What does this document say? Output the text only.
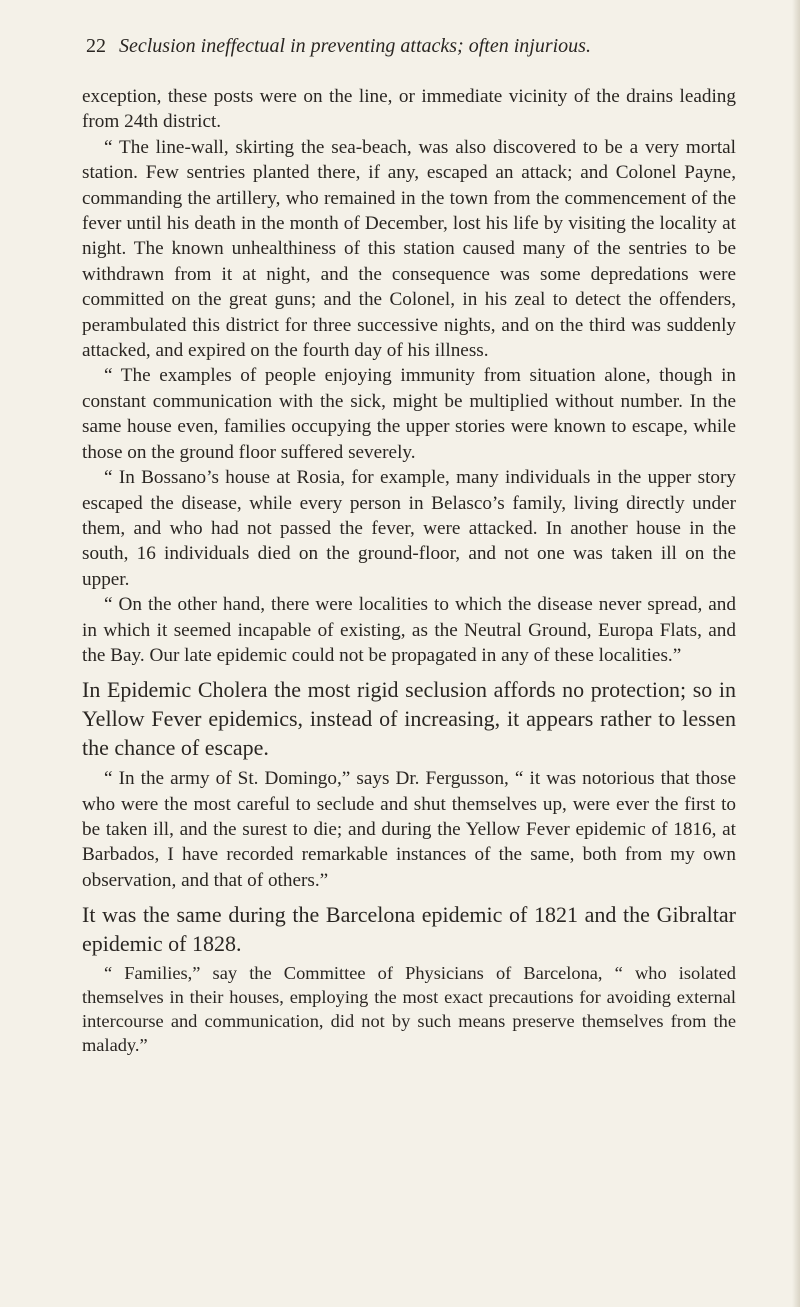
22 Seclusion ineffectual in preventing attacks; often injurious.

exception, these posts were on the line, or immediate vicinity of the drains leading from 24th district.

“ The line-wall, skirting the sea-beach, was also discovered to be a very mortal station. Few sentries planted there, if any, escaped an attack; and Colonel Payne, commanding the artillery, who remained in the town from the commencement of the fever until his death in the month of December, lost his life by visiting the locality at night. The known unhealthiness of this station caused many of the sentries to be withdrawn from it at night, and the consequence was some depredations were committed on the great guns; and the Colonel, in his zeal to detect the offenders, perambulated this district for three successive nights, and on the third was suddenly attacked, and expired on the fourth day of his illness.

“ The examples of people enjoying immunity from situation alone, though in constant communication with the sick, might be multiplied without number. In the same house even, families occupying the upper stories were known to escape, while those on the ground floor suffered severely.

“ In Bossano’s house at Rosia, for example, many individuals in the upper story escaped the disease, while every person in Belasco’s family, living directly under them, and who had not passed the fever, were attacked. In another house in the south, 16 individuals died on the ground-floor, and not one was taken ill on the upper.

“ On the other hand, there were localities to which the disease never spread, and in which it seemed incapable of existing, as the Neutral Ground, Europa Flats, and the Bay. Our late epidemic could not be propagated in any of these localities.”

In Epidemic Cholera the most rigid seclusion affords no protection; so in Yellow Fever epidemics, instead of increasing, it appears rather to lessen the chance of escape.

“ In the army of St. Domingo,” says Dr. Fergusson, “ it was notorious that those who were the most careful to seclude and shut themselves up, were ever the first to be taken ill, and the surest to die; and during the Yellow Fever epidemic of 1816, at Barbados, I have recorded remarkable instances of the same, both from my own observation, and that of others.”

It was the same during the Barcelona epidemic of 1821 and the Gibraltar epidemic of 1828.

“ Families,” say the Committee of Physicians of Barcelona, “ who isolated themselves in their houses, employing the most exact precautions for avoiding external intercourse and communication, did not by such means preserve themselves from the malady.”
